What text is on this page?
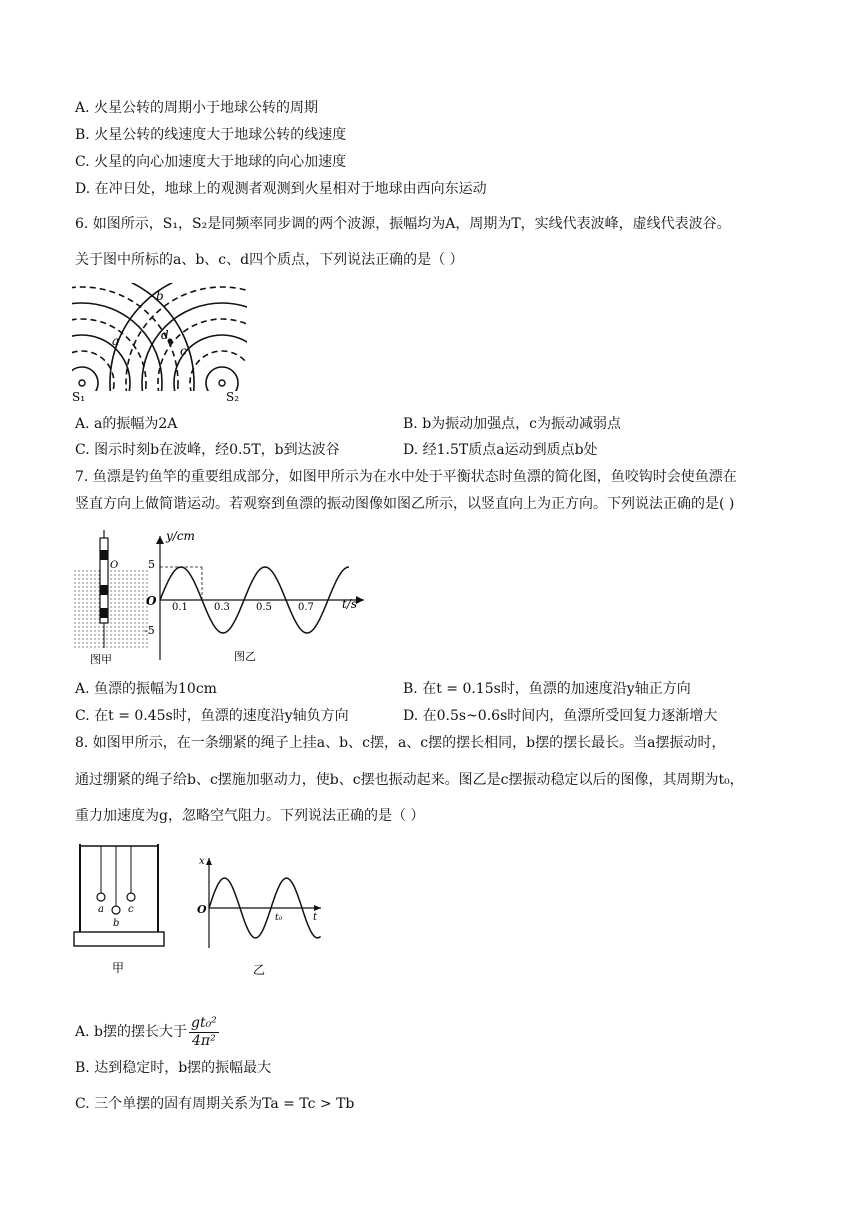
A. 火星公转的周期小于地球公转的周期
B. 火星公转的线速度大于地球公转的线速度
C. 火星的向心加速度大于地球的向心加速度
D. 在冲日处，地球上的观测者观测到火星相对于地球由西向东运动
6. 如图所示，S₁，S₂是同频率同步调的两个波源，振幅均为A，周期为T，实线代表波峰，虚线代表波谷。
关于图中所标的a、b、c、d四个质点，下列说法正确的是（ ）
S₁	S₂
b
a	d
c
A. a的振幅为2A	B. b为振动加强点，c为振动减弱点
C. 图示时刻b在波峰，经0.5T，b到达波谷	D. 经1.5T质点a运动到质点b处
7. 鱼漂是钓鱼竿的重要组成部分，如图甲所示为在水中处于平衡状态时鱼漂的简化图，鱼咬钩时会使鱼漂在
竖直方向上做简谐运动。若观察到鱼漂的振动图像如图乙所示，以竖直向上为正方向。下列说法正确的是( )
O
图甲
y/cm
t/s
O
5
-5
0.1	0.3	0.5	0.7
图乙
A. 鱼漂的振幅为10cm	B. 在t = 0.15s时，鱼漂的加速度沿y轴正方向
C. 在t = 0.45s时，鱼漂的速度沿y轴负方向	D. 在0.5s~0.6s时间内，鱼漂所受回复力逐渐增大
8. 如图甲所示，在一条绷紧的绳子上挂a、b、c摆，a、c摆的摆长相同，b摆的摆长最长。当a摆振动时，
通过绷紧的绳子给b、c摆施加驱动力，使b、c摆也振动起来。图乙是c摆振动稳定以后的图像，其周期为t₀，
重力加速度为g，忽略空气阻力。下列说法正确的是（ ）
a
b
c
甲
x
t
O
t₀
乙
A. b摆的摆长大于 $\frac{\text{gt₀²}}{\text{4π²}}$
B. 达到稳定时，b摆的振幅最大
C. 三个单摆的固有周期关系为Ta = Tc > Tb
